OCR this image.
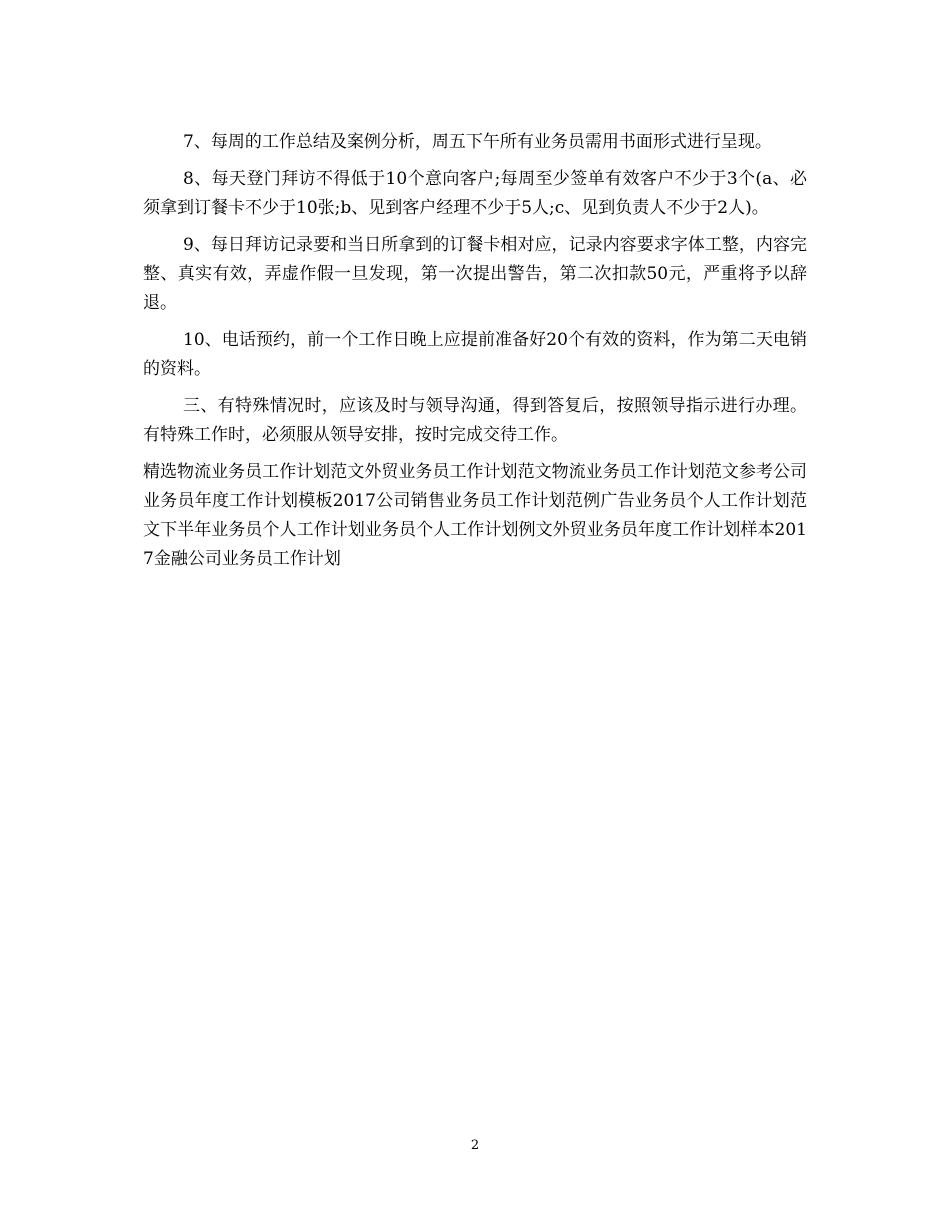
7、每周的工作总结及案例分析，周五下午所有业务员需用书面形式进行呈现。

8、每天登门拜访不得低于10个意向客户;每周至少签单有效客户不少于3个(a、必须拿到订餐卡不少于10张;b、见到客户经理不少于5人;c、见到负责人不少于2人)。

9、每日拜访记录要和当日所拿到的订餐卡相对应，记录内容要求字体工整，内容完整、真实有效，弄虚作假一旦发现，第一次提出警告，第二次扣款50元，严重将予以辞退。

10、电话预约，前一个工作日晚上应提前准备好20个有效的资料，作为第二天电销的资料。

三、有特殊情况时，应该及时与领导沟通，得到答复后，按照领导指示进行办理。有特殊工作时，必须服从领导安排，按时完成交待工作。

精选物流业务员工作计划范文外贸业务员工作计划范文物流业务员工作计划范文参考公司业务员年度工作计划模板2017公司销售业务员工作计划范例广告业务员个人工作计划范文下半年业务员个人工作计划业务员个人工作计划例文外贸业务员年度工作计划样本2017金融公司业务员工作计划

2
